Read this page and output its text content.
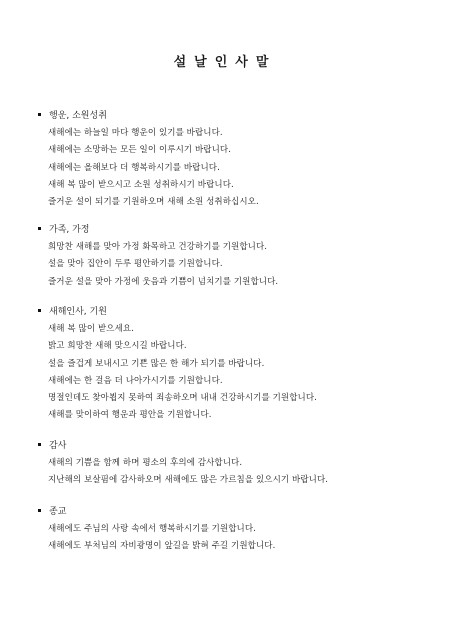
설날인사말
행운, 소원성취
새해에는 하늘일 마다 행운이 있기를 바랍니다.
새해에는 소망하는 모든 일이 이루시기 바랍니다.
새해에는 올해보다 더 행복하시기를 바랍니다.
새해 복 많이 받으시고 소원 성취하시기 바랍니다.
즐거운 설이 되기를 기원하오며 새해 소원 성취하십시오.
가족, 가정
희망찬 새해를 맞아 가정 화목하고 건강하기를 기원합니다.
설을 맞아 집안이 두루 평안하기를 기원합니다.
즐거운 설을 맞아 가정에 웃음과 기쁨이 넘치기를 기원합니다.
새해인사, 기원
새해 복 많이 받으세요.
밝고 희망찬 새해 맞으시길 바랍니다.
설을 즐겁게 보내시고 기쁜 많은 한 해가 되기를 바랍니다.
새해에는 한 걸음 더 나아가시기를 기원합니다.
명절인데도 찾아뵙지 못하여 죄송하오며 내내 건강하시기를 기원합니다.
새해를 맞이하여 행운과 평안을 기원합니다.
감사
새해의 기쁨을 함께 하며 평소의 후의에 감사합니다.
지난해의 보살핌에 감사하오며 새해에도 많은 가르침을 있으시기 바랍니다.
종교
새해에도 주님의 사랑 속에서 행복하시기를 기원합니다.
새해에도 부처님의 자비광명이 앞길을 밝혀 주길 기원합니다.
